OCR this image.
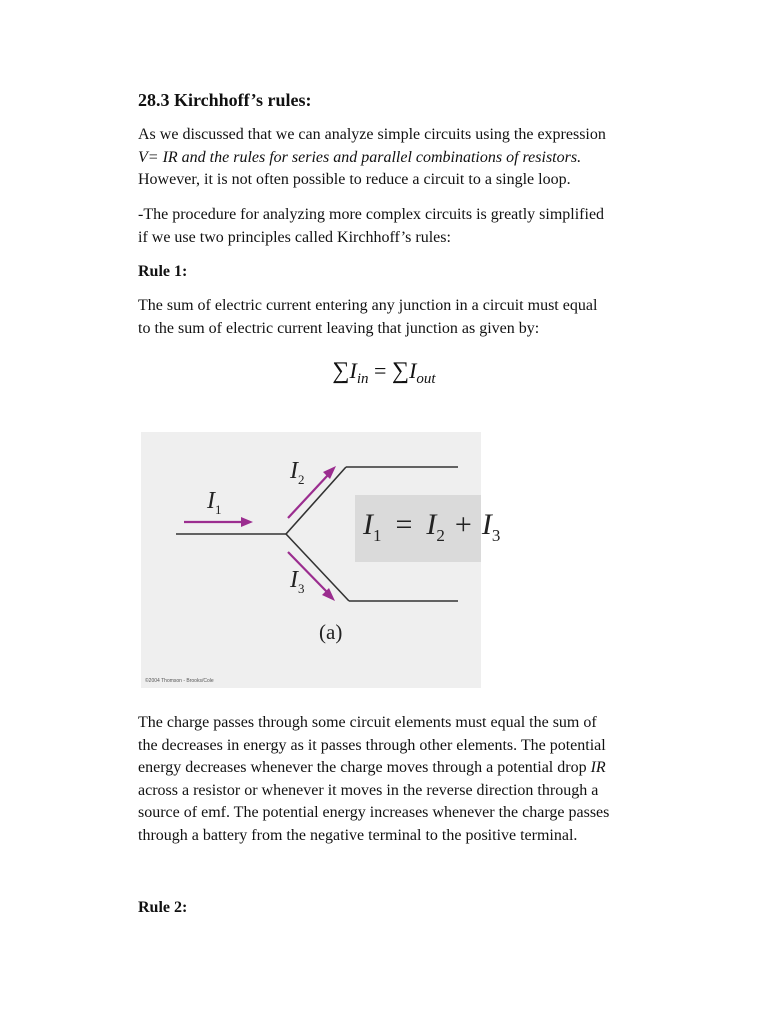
28.3 Kirchhoff’s rules:
As we discussed that we can analyze simple circuits using the expression
V= IR and the rules for series and parallel combinations of resistors.
However, it is not often possible to reduce a circuit to a single loop.
-The procedure for analyzing more complex circuits is greatly simplified
if we use two principles called Kirchhoff’s rules:
Rule 1:
The sum of electric current entering any junction in a circuit must equal
to the sum of electric current leaving that junction as given by:
$\sum I_{in} = \sum I_{out}$
$I_1$
$I_2$
$I_3$
$I_1 = I_2 + I_3$
(a)
©2004 Thomson - Brooks/Cole
The charge passes through some circuit elements must equal the sum of
the decreases in energy as it passes through other elements. The potential
energy decreases whenever the charge moves through a potential drop IR
across a resistor or whenever it moves in the reverse direction through a
source of emf. The potential energy increases whenever the charge passes
through a battery from the negative terminal to the positive terminal.
Rule 2:
